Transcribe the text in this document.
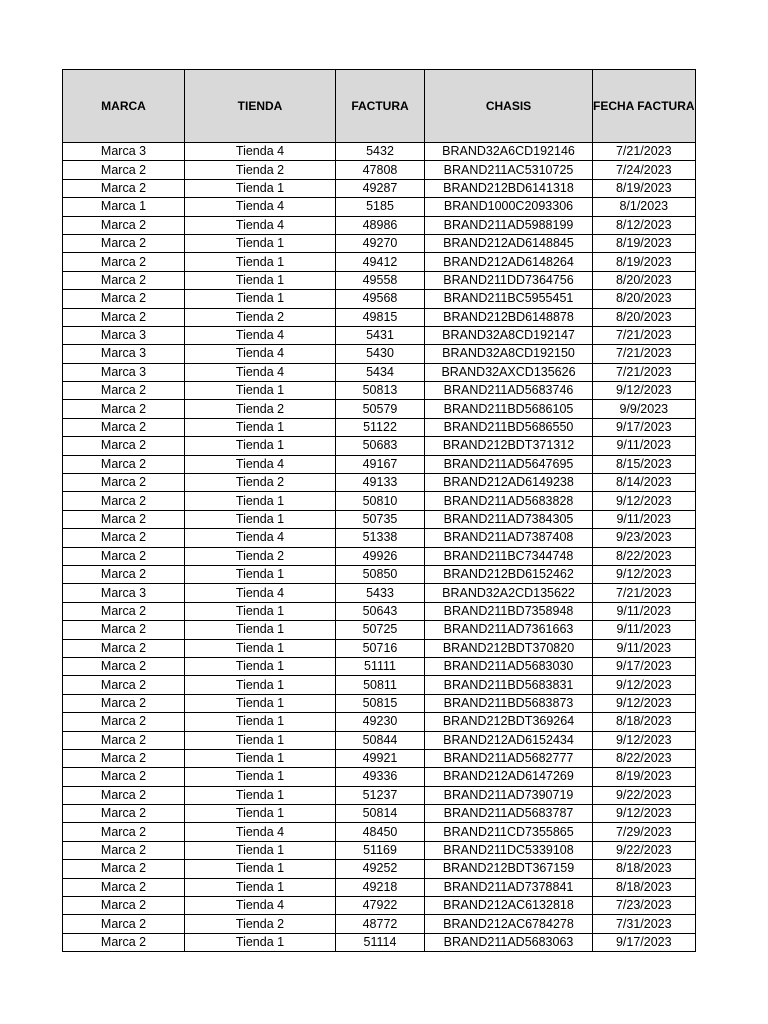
MARCA	TIENDA	FACTURA	CHASIS	FECHA FACTURA
Marca 3	Tienda 4	5432	BRAND32A6CD192146	7/21/2023
Marca 2	Tienda 2	47808	BRAND211AC5310725	7/24/2023
Marca 2	Tienda 1	49287	BRAND212BD6141318	8/19/2023
Marca 1	Tienda 4	5185	BRAND1000C2093306	8/1/2023
Marca 2	Tienda 4	48986	BRAND211AD5988199	8/12/2023
Marca 2	Tienda 1	49270	BRAND212AD6148845	8/19/2023
Marca 2	Tienda 1	49412	BRAND212AD6148264	8/19/2023
Marca 2	Tienda 1	49558	BRAND211DD7364756	8/20/2023
Marca 2	Tienda 1	49568	BRAND211BC5955451	8/20/2023
Marca 2	Tienda 2	49815	BRAND212BD6148878	8/20/2023
Marca 3	Tienda 4	5431	BRAND32A8CD192147	7/21/2023
Marca 3	Tienda 4	5430	BRAND32A8CD192150	7/21/2023
Marca 3	Tienda 4	5434	BRAND32AXCD135626	7/21/2023
Marca 2	Tienda 1	50813	BRAND211AD5683746	9/12/2023
Marca 2	Tienda 2	50579	BRAND211BD5686105	9/9/2023
Marca 2	Tienda 1	51122	BRAND211BD5686550	9/17/2023
Marca 2	Tienda 1	50683	BRAND212BDT371312	9/11/2023
Marca 2	Tienda 4	49167	BRAND211AD5647695	8/15/2023
Marca 2	Tienda 2	49133	BRAND212AD6149238	8/14/2023
Marca 2	Tienda 1	50810	BRAND211AD5683828	9/12/2023
Marca 2	Tienda 1	50735	BRAND211AD7384305	9/11/2023
Marca 2	Tienda 4	51338	BRAND211AD7387408	9/23/2023
Marca 2	Tienda 2	49926	BRAND211BC7344748	8/22/2023
Marca 2	Tienda 1	50850	BRAND212BD6152462	9/12/2023
Marca 3	Tienda 4	5433	BRAND32A2CD135622	7/21/2023
Marca 2	Tienda 1	50643	BRAND211BD7358948	9/11/2023
Marca 2	Tienda 1	50725	BRAND211AD7361663	9/11/2023
Marca 2	Tienda 1	50716	BRAND212BDT370820	9/11/2023
Marca 2	Tienda 1	51111	BRAND211AD5683030	9/17/2023
Marca 2	Tienda 1	50811	BRAND211BD5683831	9/12/2023
Marca 2	Tienda 1	50815	BRAND211BD5683873	9/12/2023
Marca 2	Tienda 1	49230	BRAND212BDT369264	8/18/2023
Marca 2	Tienda 1	50844	BRAND212AD6152434	9/12/2023
Marca 2	Tienda 1	49921	BRAND211AD5682777	8/22/2023
Marca 2	Tienda 1	49336	BRAND212AD6147269	8/19/2023
Marca 2	Tienda 1	51237	BRAND211AD7390719	9/22/2023
Marca 2	Tienda 1	50814	BRAND211AD5683787	9/12/2023
Marca 2	Tienda 4	48450	BRAND211CD7355865	7/29/2023
Marca 2	Tienda 1	51169	BRAND211DC5339108	9/22/2023
Marca 2	Tienda 1	49252	BRAND212BDT367159	8/18/2023
Marca 2	Tienda 1	49218	BRAND211AD7378841	8/18/2023
Marca 2	Tienda 4	47922	BRAND212AC6132818	7/23/2023
Marca 2	Tienda 2	48772	BRAND212AC6784278	7/31/2023
Marca 2	Tienda 1	51114	BRAND211AD5683063	9/17/2023
